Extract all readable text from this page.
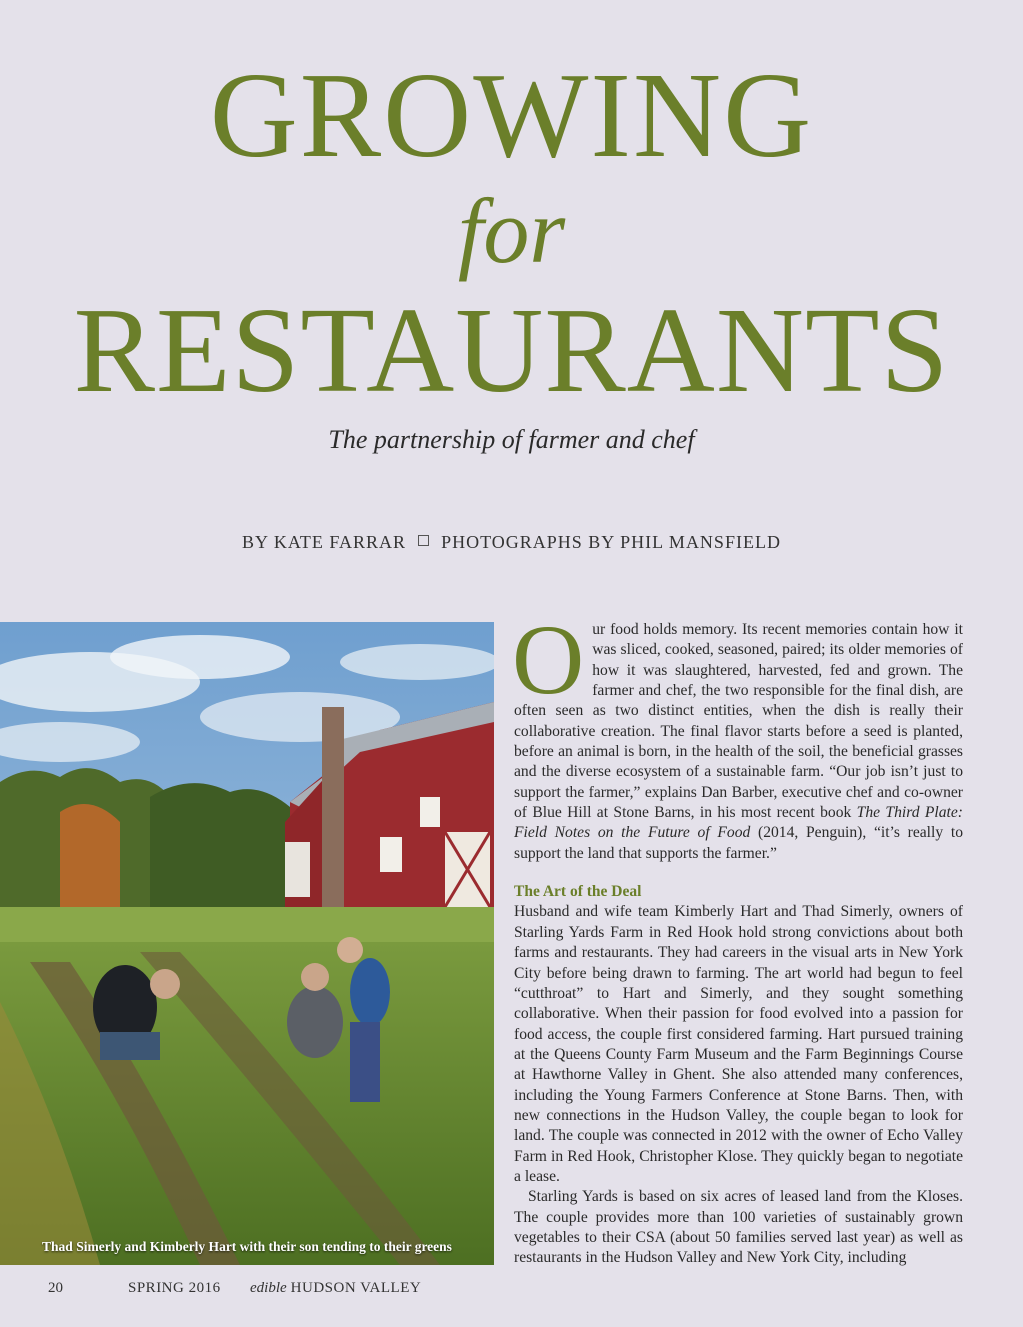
GROWING
for
RESTAURANTS
The partnership of farmer and chef
BY KATE FARRAR PHOTOGRAPHS BY PHIL MANSFIELD
Thad Simerly and Kimberly Hart with their son tending to their greens
O ur food holds memory. Its recent memories contain how it was sliced, cooked, seasoned, paired; its older memories of how it was slaughtered, harvested, fed and grown. The farmer and chef, the two responsible for the final dish, are often seen as two distinct entities, when the dish is really their collaborative creation. The final flavor starts before a seed is planted, before an animal is born, in the health of the soil, the beneficial grasses and the diverse ecosystem of a sustainable farm. “Our job isn’t just to support the farmer,” explains Dan Barber, executive chef and co-owner of Blue Hill at Stone Barns, in his most recent book The Third Plate: Field Notes on the Future of Food (2014, Penguin), “it’s really to support the land that supports the farmer.”

The Art of the Deal

Husband and wife team Kimberly Hart and Thad Simerly, owners of Starling Yards Farm in Red Hook hold strong convictions about both farms and restaurants. They had careers in the visual arts in New York City before being drawn to farming. The art world had begun to feel “cutthroat” to Hart and Simerly, and they sought something collaborative. When their passion for food evolved into a passion for food access, the couple first considered farming. Hart pursued training at the Queens County Farm Museum and the Farm Beginnings Course at Hawthorne Valley in Ghent. She also attended many conferences, including the Young Farmers Conference at Stone Barns. Then, with new connections in the Hudson Valley, the couple began to look for land. The couple was connected in 2012 with the owner of Echo Valley Farm in Red Hook, Christopher Klose. They quickly began to negotiate a lease.

Starling Yards is based on six acres of leased land from the Kloses. The couple provides more than 100 varieties of sustainably grown vegetables to their CSA (about 50 families served last year) as well as restaurants in the Hudson Valley and New York City, including

20	SPRING 2016 edible HUDSON VALLEY
